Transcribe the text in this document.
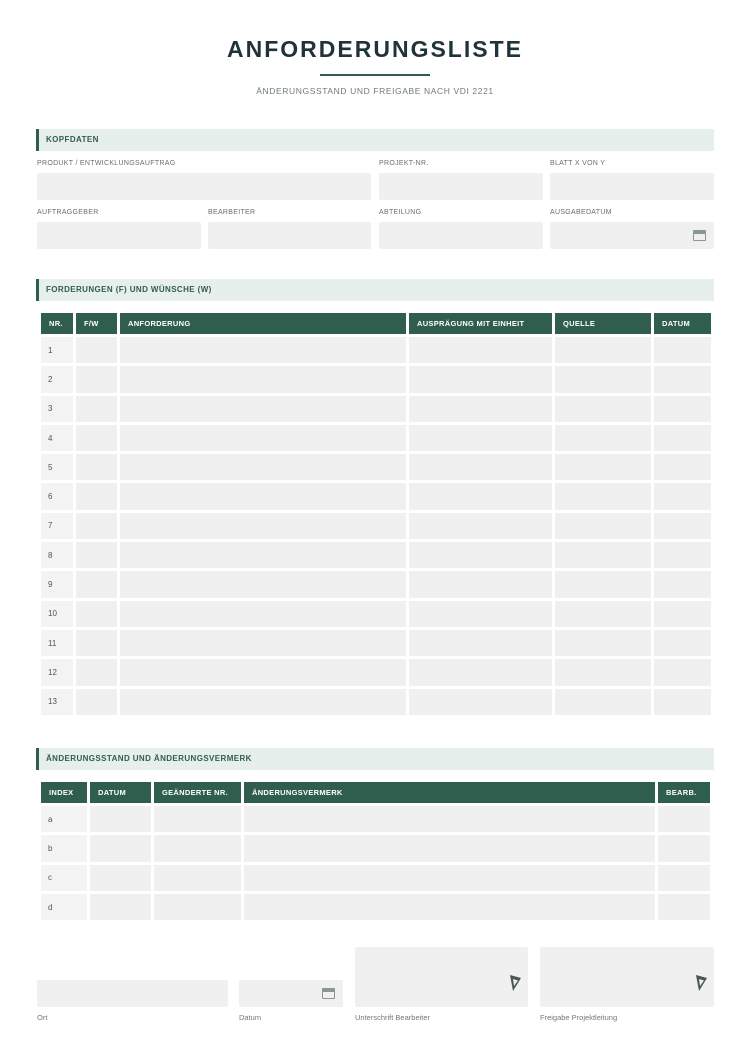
ANFORDERUNGSLISTE
ÄNDERUNGSSTAND UND FREIGABE NACH VDI 2221
KOPFDATEN
PRODUKT / ENTWICKLUNGSAUFTRAG	PROJEKT-NR.	BLATT X VON Y
AUFTRAGGEBER	BEARBEITER	ABTEILUNG	AUSGABEDATUM
FORDERUNGEN (F) UND WÜNSCHE (W)
NR.	F/W	ANFORDERUNG	AUSPRÄGUNG MIT EINHEIT	QUELLE	DATUM
1					
2					
3					
4					
5					
6					
7					
8					
9					
10					
11					
12					
13					
ÄNDERUNGSSTAND UND ÄNDERUNGSVERMERK
INDEX	DATUM	GEÄNDERTE NR.	ÄNDERUNGSVERMERK	BEARB.
a				
b				
c				
d				
Ort	Datum	Unterschrift Bearbeiter	Freigabe Projektleitung
